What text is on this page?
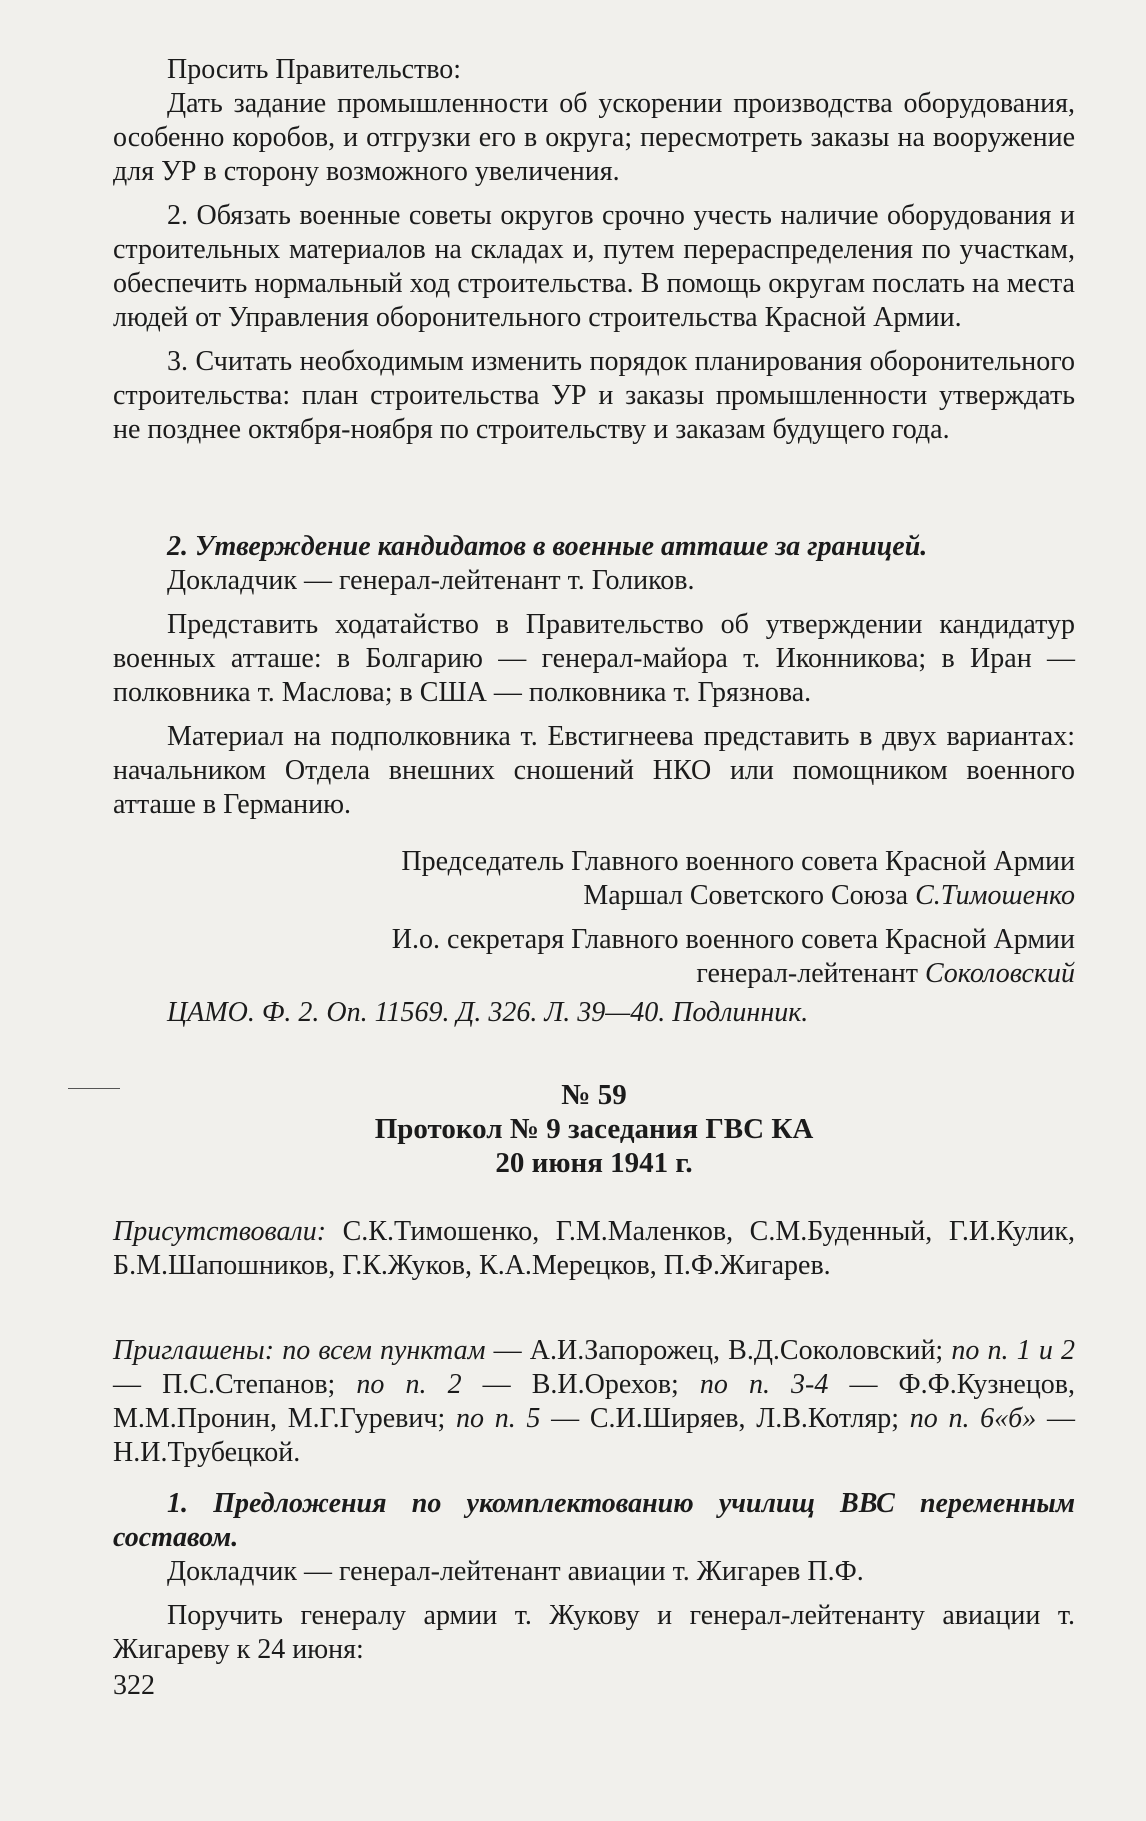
Просить Правительство:

Дать задание промышленности об ускорении производства оборудования, особенно коробов, и отгрузки его в округа; пересмотреть заказы на вооружение для УР в сторону возможного увеличения.

2. Обязать военные советы округов срочно учесть наличие оборудования и строительных материалов на складах и, путем перераспределения по участкам, обеспечить нормальный ход строительства. В помощь округам послать на места людей от Управления оборонительного строительства Красной Армии.

3. Считать необходимым изменить порядок планирования оборонительного строительства: план строительства УР и заказы промышленности утверждать не позднее октября-ноября по строительству и заказам будущего года.

2. Утверждение кандидатов в военные атташе за границей.

Докладчик — генерал-лейтенант т. Голиков.

Представить ходатайство в Правительство об утверждении кандидатур военных атташе: в Болгарию — генерал-майора т. Иконникова; в Иран — полковника т. Маслова; в США — полковника т. Грязнова.

Материал на подполковника т. Евстигнеева представить в двух вариантах: начальником Отдела внешних сношений НКО или помощником военного атташе в Германию.

Председатель Главного военного совета Красной Армии

Маршал Советского Союза С.Тимошенко

И.о. секретаря Главного военного совета Красной Армии

генерал-лейтенант Соколовский

ЦАМО. Ф. 2. Оп. 11569. Д. 326. Л. 39—40. Подлинник.

№ 59
Протокол № 9 заседания ГВС КА
20 июня 1941 г.

Присутствовали: С.К.Тимошенко, Г.М.Маленков, С.М.Буденный, Г.И.Кулик, Б.М.Шапошников, Г.К.Жуков, К.А.Мерецков, П.Ф.Жигарев.

Приглашены: по всем пунктам — А.И.Запорожец, В.Д.Соколовский; по п. 1 и 2 — П.С.Степанов; по п. 2 — В.И.Орехов; по п. 3-4 — Ф.Ф.Кузнецов, М.М.Пронин, М.Г.Гуревич; по п. 5 — С.И.Ширяев, Л.В.Котляр; по п. 6«б» — Н.И.Трубецкой.

1. Предложения по укомплектованию училищ ВВС переменным составом.

Докладчик — генерал-лейтенант авиации т. Жигарев П.Ф.

Поручить генералу армии т. Жукову и генерал-лейтенанту авиации т. Жигареву к 24 июня:

322
